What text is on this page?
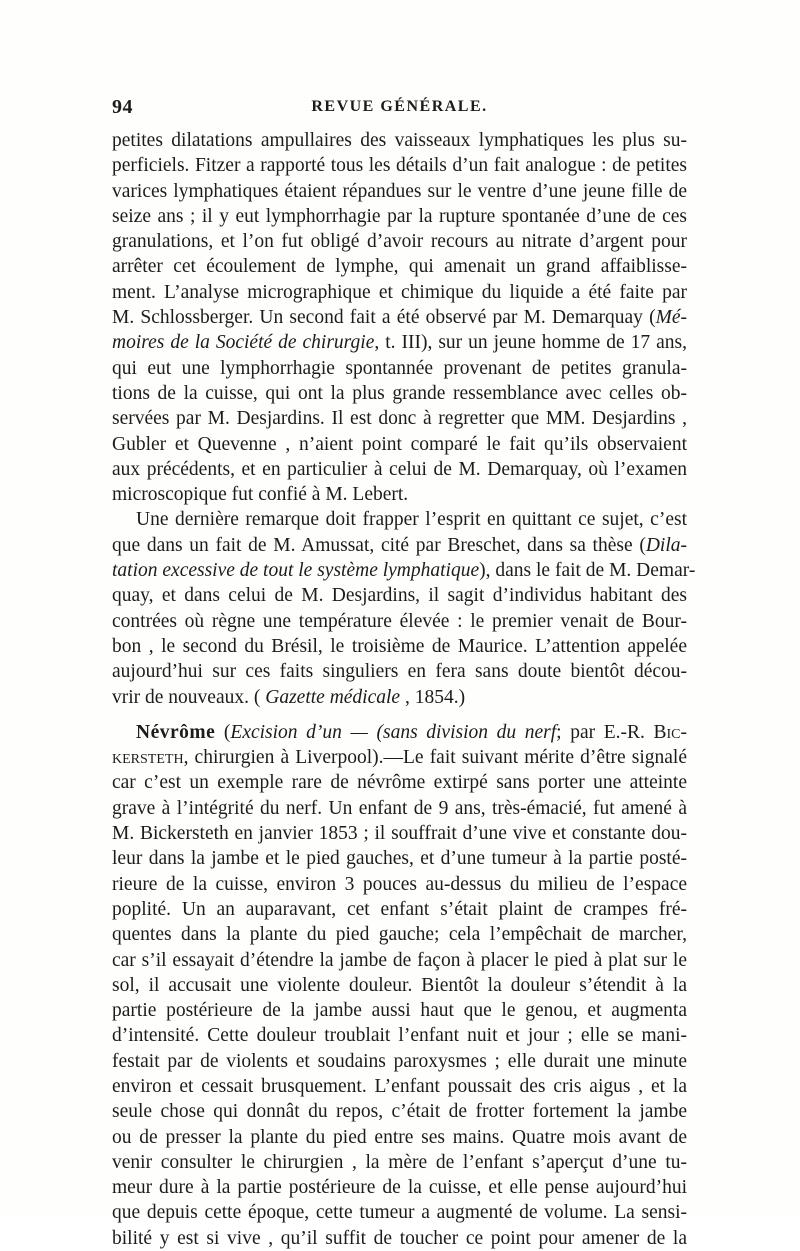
94	REVUE GÉNÉRALE.
petites dilatations ampullaires des vaisseaux lymphatiques les plus su-
perficiels. Fitzer a rapporté tous les détails d’un fait analogue : de petites
varices lymphatiques étaient répandues sur le ventre d’une jeune fille de
seize ans ; il y eut lymphorrhagie par la rupture spontanée d’une de ces
granulations, et l’on fut obligé d’avoir recours au nitrate d’argent pour
arrêter cet écoulement de lymphe, qui amenait un grand affaiblisse-
ment. L’analyse micrographique et chimique du liquide a été faite par
M. Schlossberger. Un second fait a été observé par M. Demarquay (Mé-
moires de la Société de chirurgie, t. III), sur un jeune homme de 17 ans,
qui eut une lymphorrhagie spontannée provenant de petites granula-
tions de la cuisse, qui ont la plus grande ressemblance avec celles ob-
servées par M. Desjardins. Il est donc à regretter que MM. Desjardins ,
Gubler et Quevenne , n’aient point comparé le fait qu’ils observaient
aux précédents, et en particulier à celui de M. Demarquay, où l’examen
microscopique fut confié à M. Lebert.
Une dernière remarque doit frapper l’esprit en quittant ce sujet, c’est
que dans un fait de M. Amussat, cité par Breschet, dans sa thèse (Dila-
tation excessive de tout le système lymphatique), dans le fait de M. Demar-
quay, et dans celui de M. Desjardins, il sagit d’individus habitant des
contrées où règne une température élevée : le premier venait de Bour-
bon , le second du Brésil, le troisième de Maurice. L’attention appelée
aujourd’hui sur ces faits singuliers en fera sans doute bientôt décou-
vrir de nouveaux. ( Gazette médicale , 1854.)
Névrôme (Excision d’un — (sans division du nerf; par E.-R. Bic-
kersteth, chirurgien à Liverpool).—Le fait suivant mérite d’être signalé
car c’est un exemple rare de névrôme extirpé sans porter une atteinte
grave à l’intégrité du nerf. Un enfant de 9 ans, très-émacié, fut amené à
M. Bickersteth en janvier 1853 ; il souffrait d’une vive et constante dou-
leur dans la jambe et le pied gauches, et d’une tumeur à la partie posté-
rieure de la cuisse, environ 3 pouces au-dessus du milieu de l’espace
poplité. Un an auparavant, cet enfant s’était plaint de crampes fré-
quentes dans la plante du pied gauche; cela l’empêchait de marcher,
car s’il essayait d’étendre la jambe de façon à placer le pied à plat sur le
sol, il accusait une violente douleur. Bientôt la douleur s’étendit à la
partie postérieure de la jambe aussi haut que le genou, et augmenta
d’intensité. Cette douleur troublait l’enfant nuit et jour ; elle se mani-
festait par de violents et soudains paroxysmes ; elle durait une minute
environ et cessait brusquement. L’enfant poussait des cris aigus , et la
seule chose qui donnât du repos, c’était de frotter fortement la jambe
ou de presser la plante du pied entre ses mains. Quatre mois avant de
venir consulter le chirurgien , la mère de l’enfant s’aperçut d’une tu-
meur dure à la partie postérieure de la cuisse, et elle pense aujourd’hui
que depuis cette époque, cette tumeur a augmenté de volume. La sensi-
bilité y est si vive , qu’il suffit de toucher ce point pour amener de la
